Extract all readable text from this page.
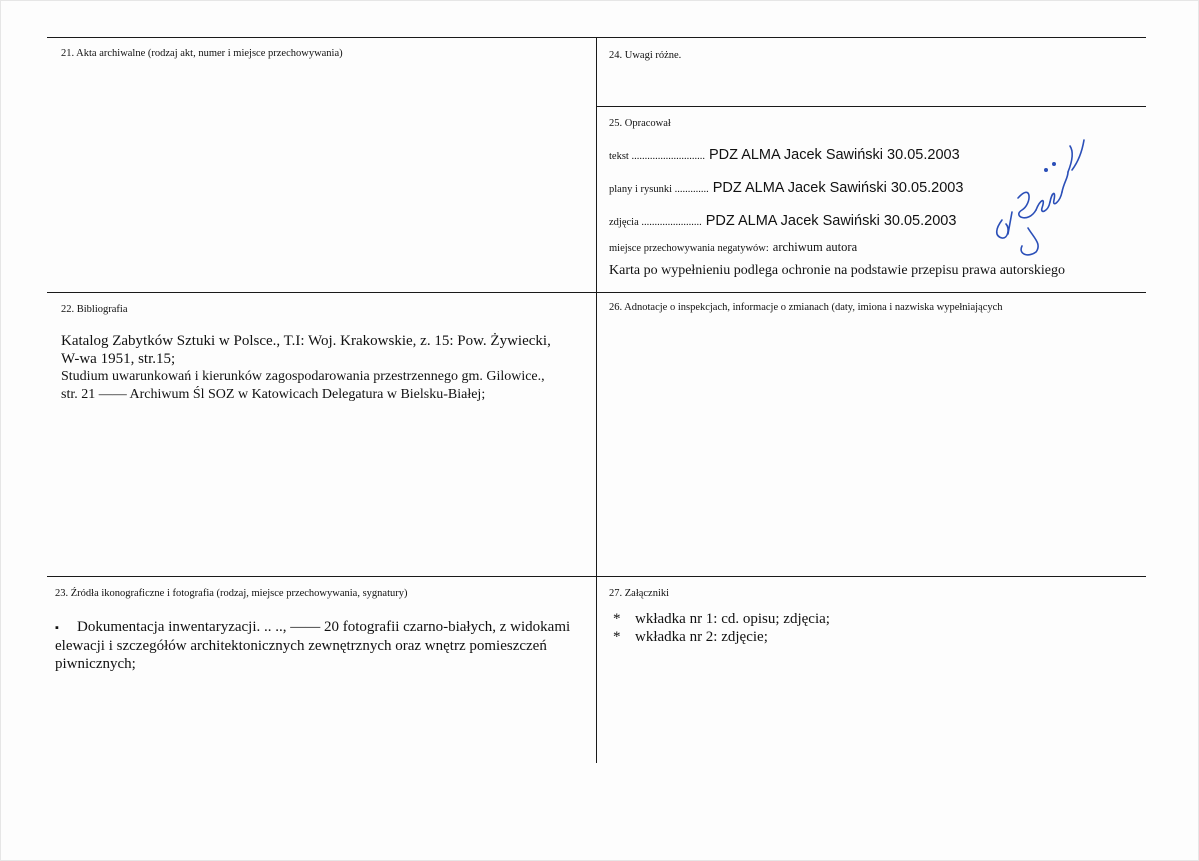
21. Akta archiwalne (rodzaj akt, numer i miejsce przechowywania)	24. Uwagi różne.
25. Opracował
tekst ............................ PDZ ALMA Jacek Sawiński 30.05.2003
plany i rysunki ............. PDZ ALMA Jacek Sawiński 30.05.2003
zdjęcia ....................... PDZ ALMA Jacek Sawiński 30.05.2003
miejsce przechowywania negatywów: archiwum autora
Karta po wypełnieniu podlega ochronie na podstawie przepisu prawa autorskiego
22. Bibliografia
Katalog Zabytków Sztuki w Polsce., T.I: Woj. Krakowskie, z. 15: Pow. Żywiecki,
W-wa 1951, str.15;
Studium uwarunkowań i kierunków zagospodarowania przestrzennego gm. Gilowice.,
str. 21 —— Archiwum Śl SOZ w Katowicach Delegatura w Bielsku-Białej;
26. Adnotacje o inspekcjach, informacje o zmianach (daty, imiona i nazwiska wypełniających
23. Źródła ikonograficzne i fotografia (rodzaj, miejsce przechowywania, sygnatury)
▪ Dokumentacja inwentaryzacji. .. .., —— 20 fotografii czarno-białych, z widokami
elewacji i szczegółów architektonicznych zewnętrznych oraz wnętrz pomieszczeń
piwnicznych;
27. Załączniki
* wkładka nr 1: cd. opisu; zdjęcia;
* wkładka nr 2: zdjęcie;
